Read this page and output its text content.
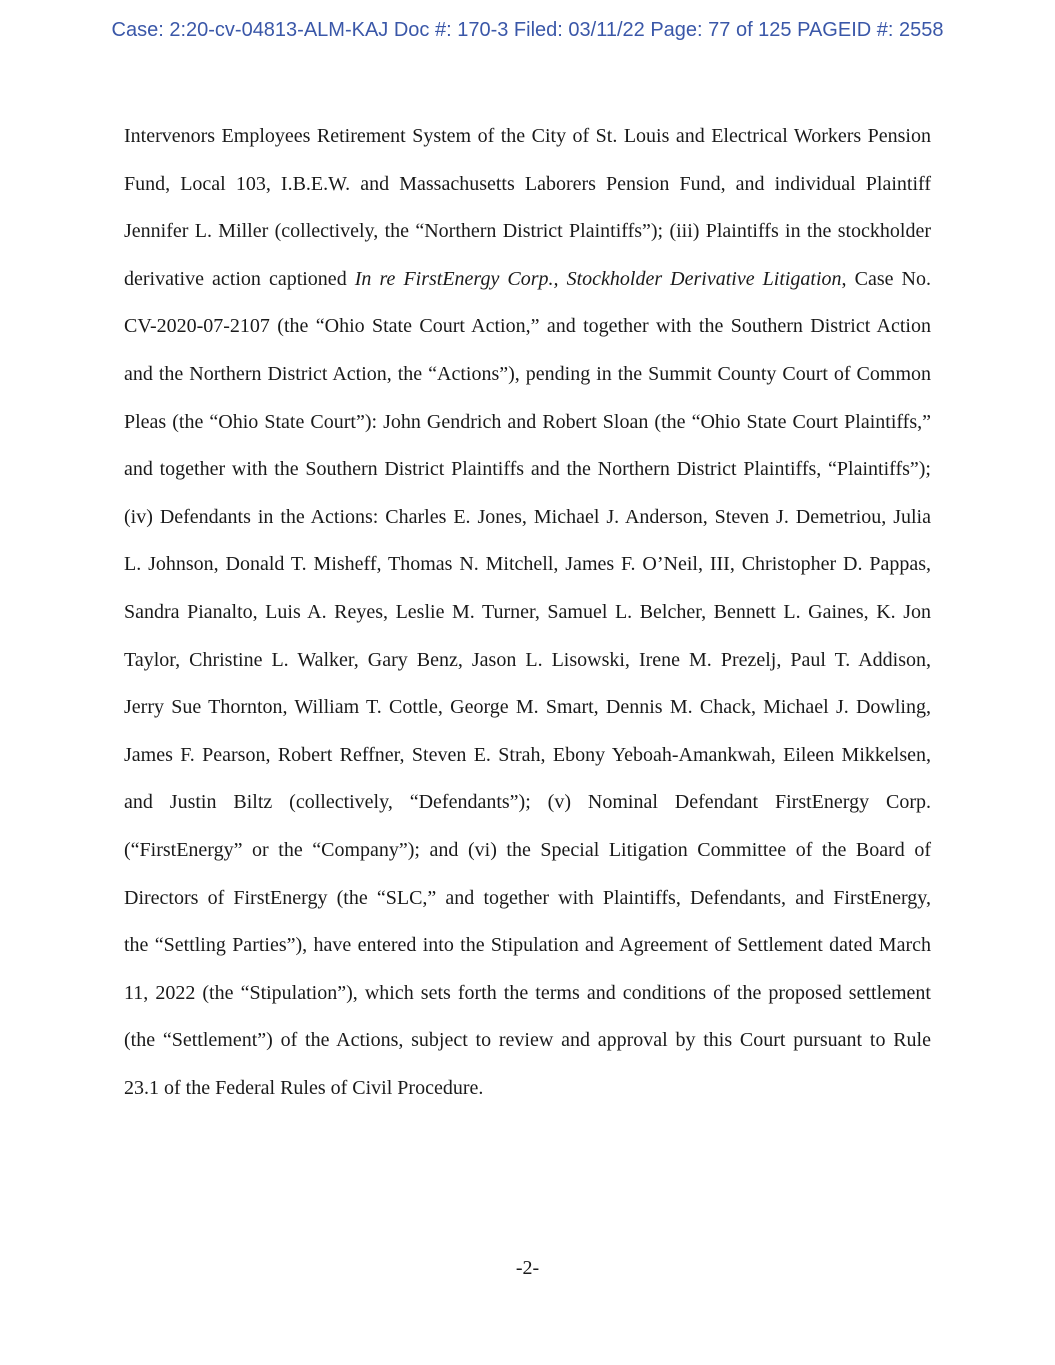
Case: 2:20-cv-04813-ALM-KAJ Doc #: 170-3 Filed: 03/11/22 Page: 77 of 125 PAGEID #: 2558
Intervenors Employees Retirement System of the City of St. Louis and Electrical Workers Pension
Fund, Local 103, I.B.E.W. and Massachusetts Laborers Pension Fund, and individual Plaintiff
Jennifer L. Miller (collectively, the “Northern District Plaintiffs”); (iii) Plaintiffs in the stockholder
derivative action captioned In re FirstEnergy Corp., Stockholder Derivative Litigation, Case No.
CV-2020-07-2107 (the “Ohio State Court Action,” and together with the Southern District Action
and the Northern District Action, the “Actions”), pending in the Summit County Court of Common
Pleas (the “Ohio State Court”): John Gendrich and Robert Sloan (the “Ohio State Court Plaintiffs,”
and together with the Southern District Plaintiffs and the Northern District Plaintiffs, “Plaintiffs”);
(iv) Defendants in the Actions: Charles E. Jones, Michael J. Anderson, Steven J. Demetriou, Julia
L. Johnson, Donald T. Misheff, Thomas N. Mitchell, James F. O’Neil, III, Christopher D. Pappas,
Sandra Pianalto, Luis A. Reyes, Leslie M. Turner, Samuel L. Belcher, Bennett L. Gaines, K. Jon
Taylor, Christine L. Walker, Gary Benz, Jason L. Lisowski, Irene M. Prezelj, Paul T. Addison,
Jerry Sue Thornton, William T. Cottle, George M. Smart, Dennis M. Chack, Michael J. Dowling,
James F. Pearson, Robert Reffner, Steven E. Strah, Ebony Yeboah-Amankwah, Eileen Mikkelsen,
and Justin Biltz (collectively, “Defendants”); (v) Nominal Defendant FirstEnergy Corp.
(“FirstEnergy” or the “Company”); and (vi) the Special Litigation Committee of the Board of
Directors of FirstEnergy (the “SLC,” and together with Plaintiffs, Defendants, and FirstEnergy,
the “Settling Parties”), have entered into the Stipulation and Agreement of Settlement dated March
11, 2022 (the “Stipulation”), which sets forth the terms and conditions of the proposed settlement
(the “Settlement”) of the Actions, subject to review and approval by this Court pursuant to Rule
23.1 of the Federal Rules of Civil Procedure.
-2-
